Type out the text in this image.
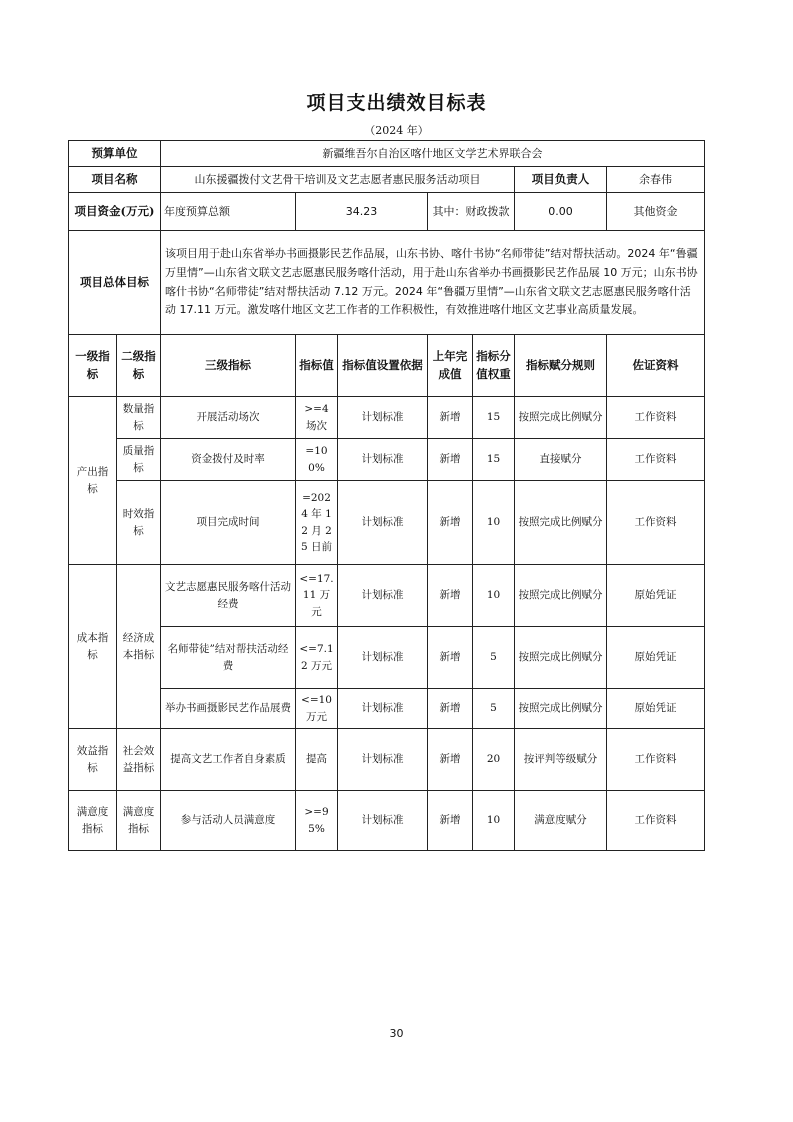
项目支出绩效目标表
（2024 年）
预算单位		新疆维吾尔自治区喀什地区文学艺术界联合会						
项目名称		山东援疆拨付文艺骨干培训及文艺志愿者惠民服务活动项目					项目负责人	余春伟
项目资金(万元)		年度预算总额	34.23		其中：财政拨款		0.00	其他资金
项目总体目标		该项目用于赴山东省举办书画摄影民艺作品展，山东书协、喀什书协“名师带徒”结对帮扶活动。2024 年“鲁疆万里情”—山东省文联文艺志愿惠民服务喀什活动，用于赴山东省举办书画摄影民艺作品展 10 万元；山东书协喀什书协“名师带徒”结对帮扶活动 7.12 万元。2024 年“鲁疆万里情”—山东省文联文艺志愿惠民服务喀什活动 17.11 万元。激发喀什地区文艺工作者的工作积极性，有效推进喀什地区文艺事业高质量发展。						
一级指标	二级指标	三级指标	指标值	指标值设置依据	上年完成值	指标分值权重	指标赋分规则	佐证资料
产出指标	数量指标	开展活动场次	>=4 场次	计划标准	新增	15	按照完成比例赋分	工作资料
	质量指标	资金拨付及时率	=100%	计划标准	新增	15	直接赋分	工作资料
	时效指标	项目完成时间	=2024 年 12 月 25 日前	计划标准	新增	10	按照完成比例赋分	工作资料
成本指标	经济成本指标	文艺志愿惠民服务喀什活动经费	<=17.11 万元	计划标准	新增	10	按照完成比例赋分	原始凭证
		名师带徒”结对帮扶活动经费	<=7.12 万元	计划标准	新增	5	按照完成比例赋分	原始凭证
		举办书画摄影民艺作品展费	<=10 万元	计划标准	新增	5	按照完成比例赋分	原始凭证
效益指标	社会效益指标	提高文艺工作者自身素质	提高	计划标准	新增	20	按评判等级赋分	工作资料
满意度指标	满意度指标	参与活动人员满意度	>=95%	计划标准	新增	10	满意度赋分	工作资料
30
